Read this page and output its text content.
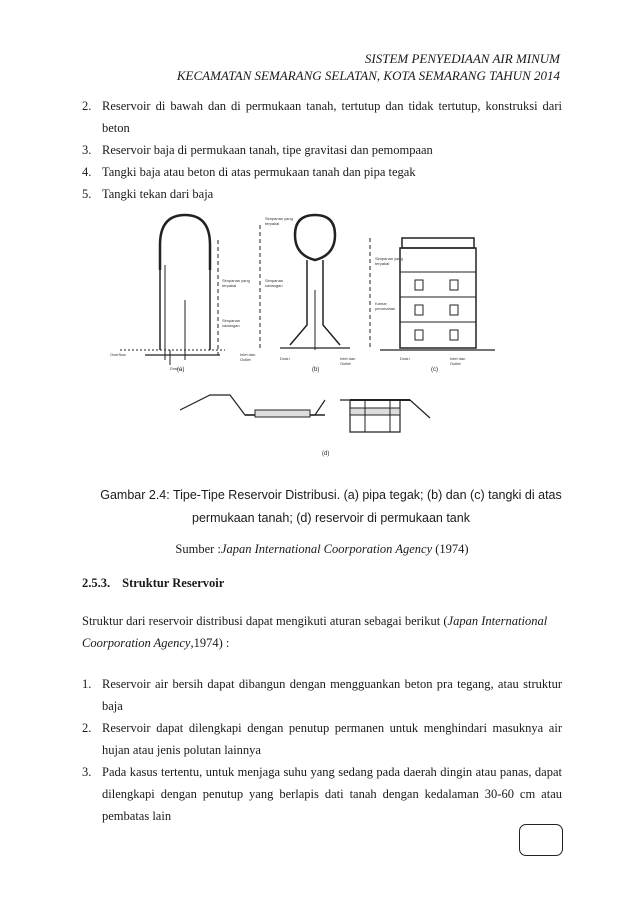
SISTEM PENYEDIAAN AIR MINUM
KECAMATAN SEMARANG SELATAN, KOTA SEMARANG TAHUN 2014
2. Reservoir di bawah dan di permukaan tanah, tertutup dan tidak tertutup, konstruksi dari beton
3. Reservoir baja di permukaan tanah, tipe gravitasi dan pemompaan
4. Tangki baja atau beton di atas permukaan tanah dan pipa tegak
5. Tangki tekan dari baja
Simpanan yang
terpakai
Simpanan
cadangan
Overflow
Drain
Inlet dan
Outlet
Simpanan yang
terpakai
Simpanan
cadangan
Drain	Inlet dan
Outlet
Simpanan yang
terpakai
Kamar
perumahan
Drain	Inlet dan
Outlet
(a)	(b)	(c)
(d)
Gambar 2.4: Tipe-Tipe Reservoir Distribusi. (a) pipa tegak; (b) dan (c) tangki di atas
permukaan tanah; (d) reservoir di permukaan tank
Sumber :Japan International Coorporation Agency (1974)
2.5.3. Struktur Reservoir
Struktur dari reservoir distribusi dapat mengikuti aturan sebagai berikut (Japan International Coorporation Agency,1974) :
1. Reservoir air bersih dapat dibangun dengan mengguankan beton pra tegang, atau struktur baja
2. Reservoir dapat dilengkapi dengan penutup permanen untuk menghindari masuknya air hujan atau jenis polutan lainnya
3. Pada kasus tertentu, untuk menjaga suhu yang sedang pada daerah dingin atau panas, dapat dilengkapi dengan penutup yang berlapis dati tanah dengan kedalaman 30-60 cm atau pembatas lain
